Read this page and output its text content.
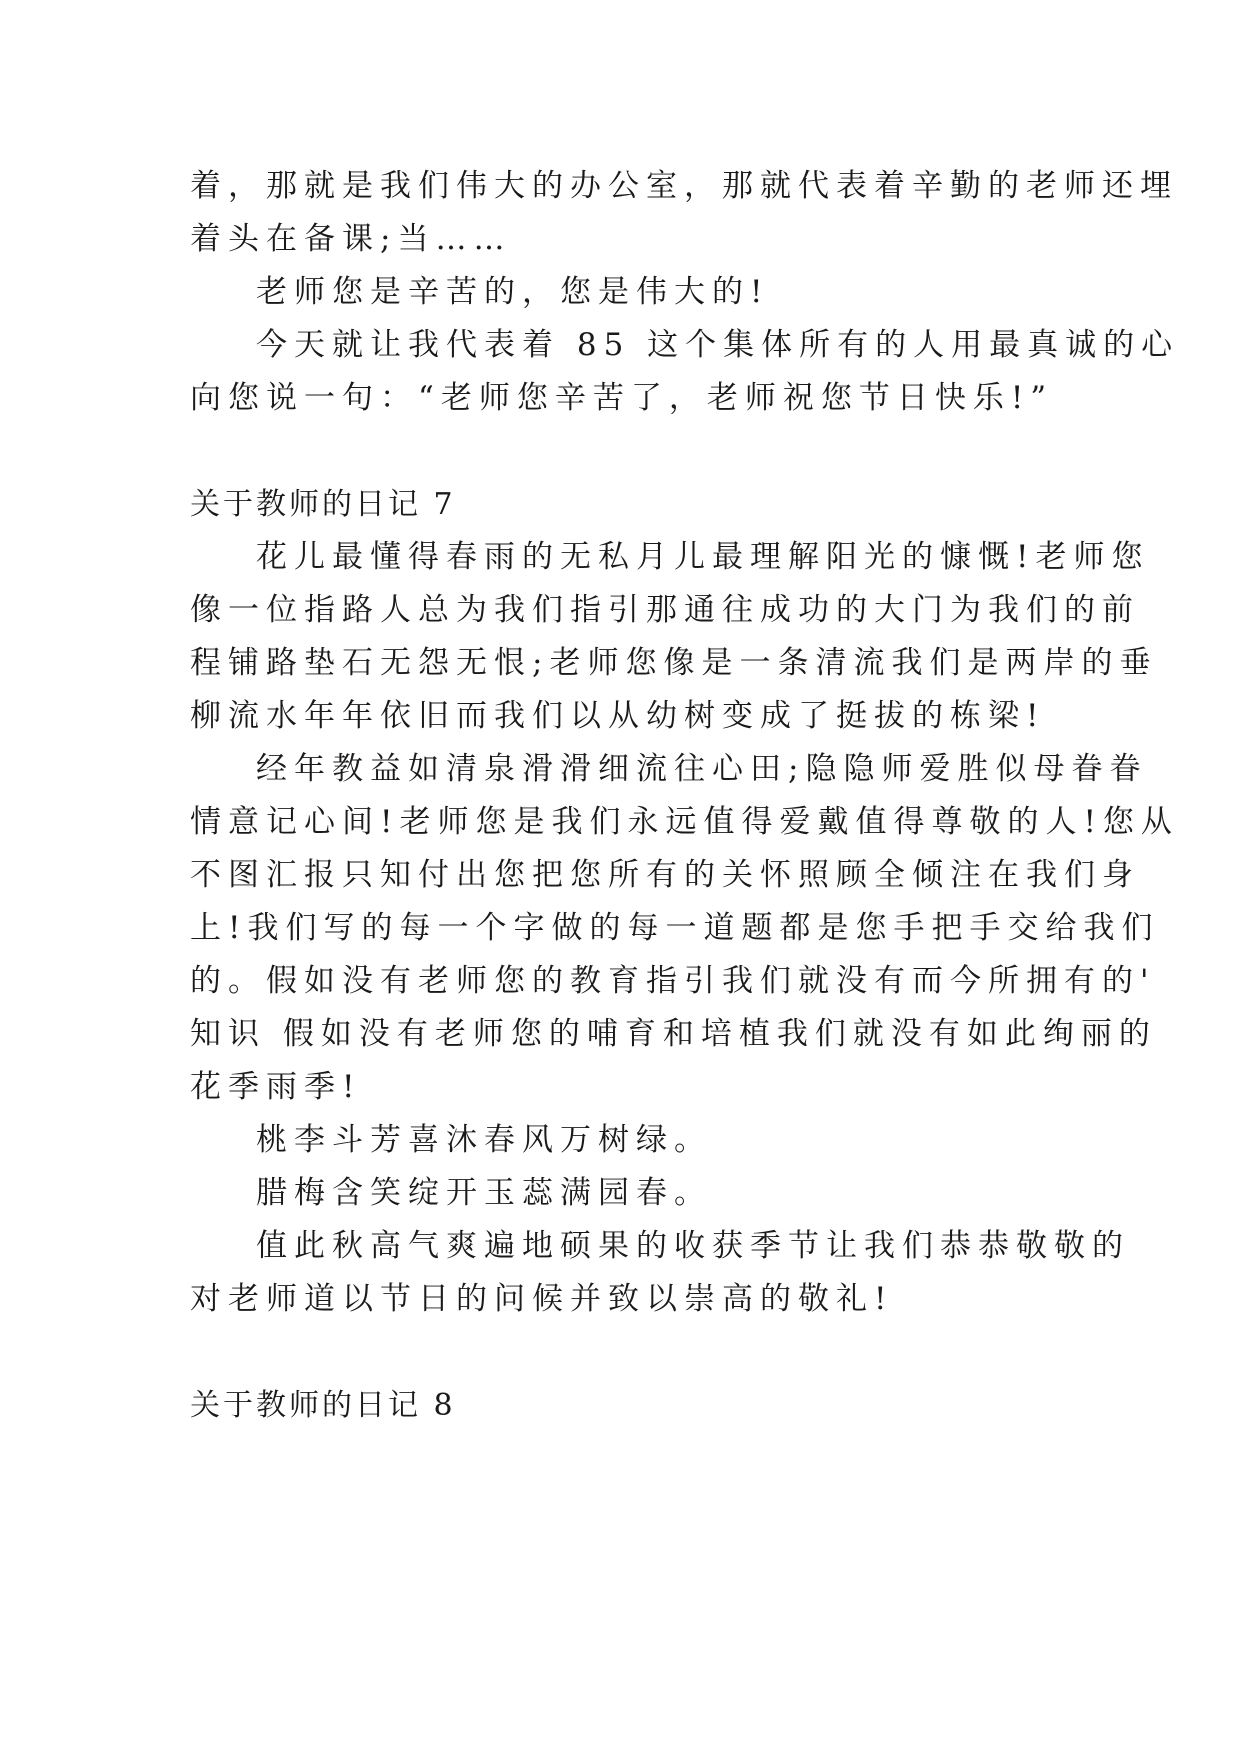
着，那就是我们伟大的办公室，那就代表着辛勤的老师还埋
着头在备课;当……
老师您是辛苦的，您是伟大的!
今天就让我代表着 85 这个集体所有的人用最真诚的心
向您说一句：“老师您辛苦了，老师祝您节日快乐!”
关于教师的日记 7
花儿最懂得春雨的无私月儿最理解阳光的慷慨!老师您
像一位指路人总为我们指引那通往成功的大门为我们的前
程铺路垫石无怨无恨;老师您像是一条清流我们是两岸的垂
柳流水年年依旧而我们以从幼树变成了挺拔的栋梁!
经年教益如清泉滑滑细流往心田;隐隐师爱胜似母眷眷
情意记心间!老师您是我们永远值得爱戴值得尊敬的人!您从
不图汇报只知付出您把您所有的关怀照顾全倾注在我们身
上!我们写的每一个字做的每一道题都是您手把手交给我们
的。假如没有老师您的教育指引我们就没有而今所拥有的'
知识 假如没有老师您的哺育和培植我们就没有如此绚丽的
花季雨季!
桃李斗芳喜沐春风万树绿。
腊梅含笑绽开玉蕊满园春。
值此秋高气爽遍地硕果的收获季节让我们恭恭敬敬的
对老师道以节日的问候并致以崇高的敬礼!
关于教师的日记 8
